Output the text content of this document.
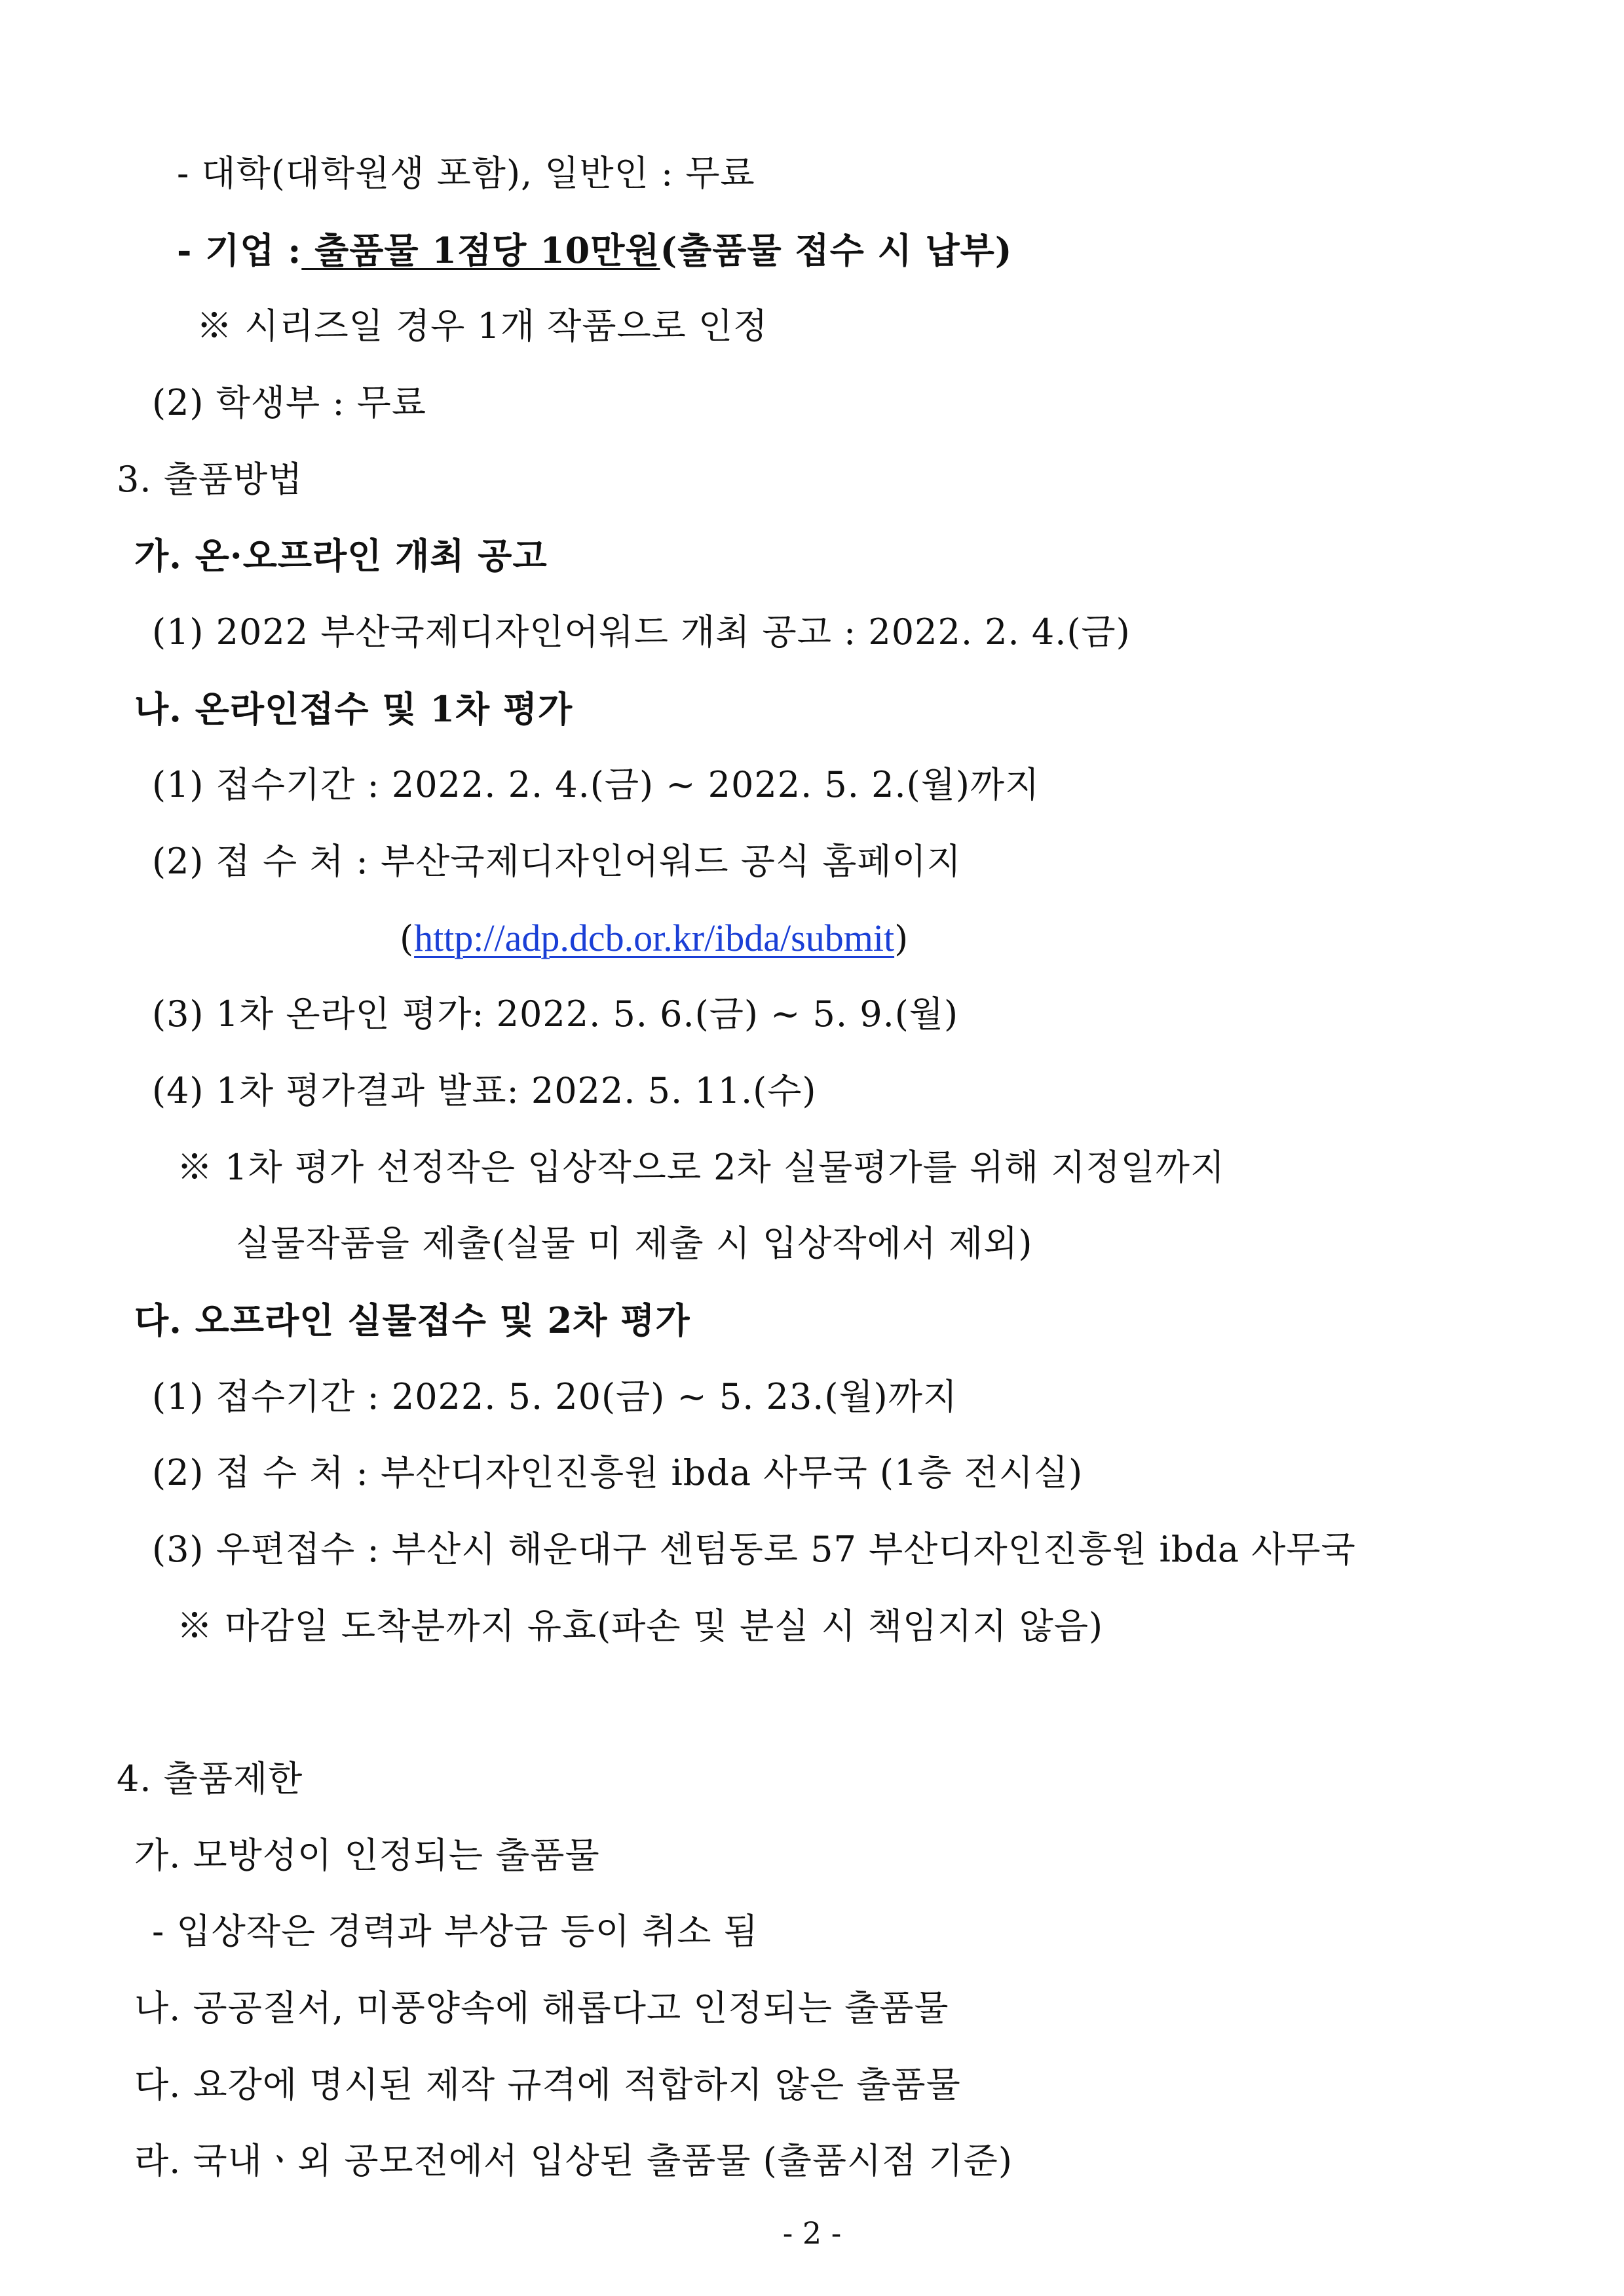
- 대학(대학원생 포함), 일반인 : 무료
- 기업 : 출품물 1점당 10만원(출품물 접수 시 납부)
※ 시리즈일 경우 1개 작품으로 인정
(2) 학생부 : 무료
3. 출품방법
가. 온·오프라인 개최 공고
(1) 2022 부산국제디자인어워드 개최 공고 : 2022. 2. 4.(금)
나. 온라인접수 및 1차 평가
(1) 접수기간 : 2022. 2. 4.(금) ~ 2022. 5. 2.(월)까지
(2) 접 수 처 : 부산국제디자인어워드 공식 홈페이지
(http://adp.dcb.or.kr/ibda/submit)
(3) 1차 온라인 평가: 2022. 5. 6.(금) ~ 5. 9.(월)
(4) 1차 평가결과 발표: 2022. 5. 11.(수)
※ 1차 평가 선정작은 입상작으로 2차 실물평가를 위해 지정일까지
실물작품을 제출(실물 미 제출 시 입상작에서 제외)
다. 오프라인 실물접수 및 2차 평가
(1) 접수기간 : 2022. 5. 20(금) ~ 5. 23.(월)까지
(2) 접 수 처 : 부산디자인진흥원 ibda 사무국 (1층 전시실)
(3) 우편접수 : 부산시 해운대구 센텀동로 57 부산디자인진흥원 ibda 사무국
※ 마감일 도착분까지 유효(파손 및 분실 시 책임지지 않음)
4. 출품제한
가. 모방성이 인정되는 출품물
- 입상작은 경력과 부상금 등이 취소 됨
나. 공공질서, 미풍양속에 해롭다고 인정되는 출품물
다. 요강에 명시된 제작 규격에 적합하지 않은 출품물
라. 국내ㆍ외 공모전에서 입상된 출품물 (출품시점 기준)
- 2 -
